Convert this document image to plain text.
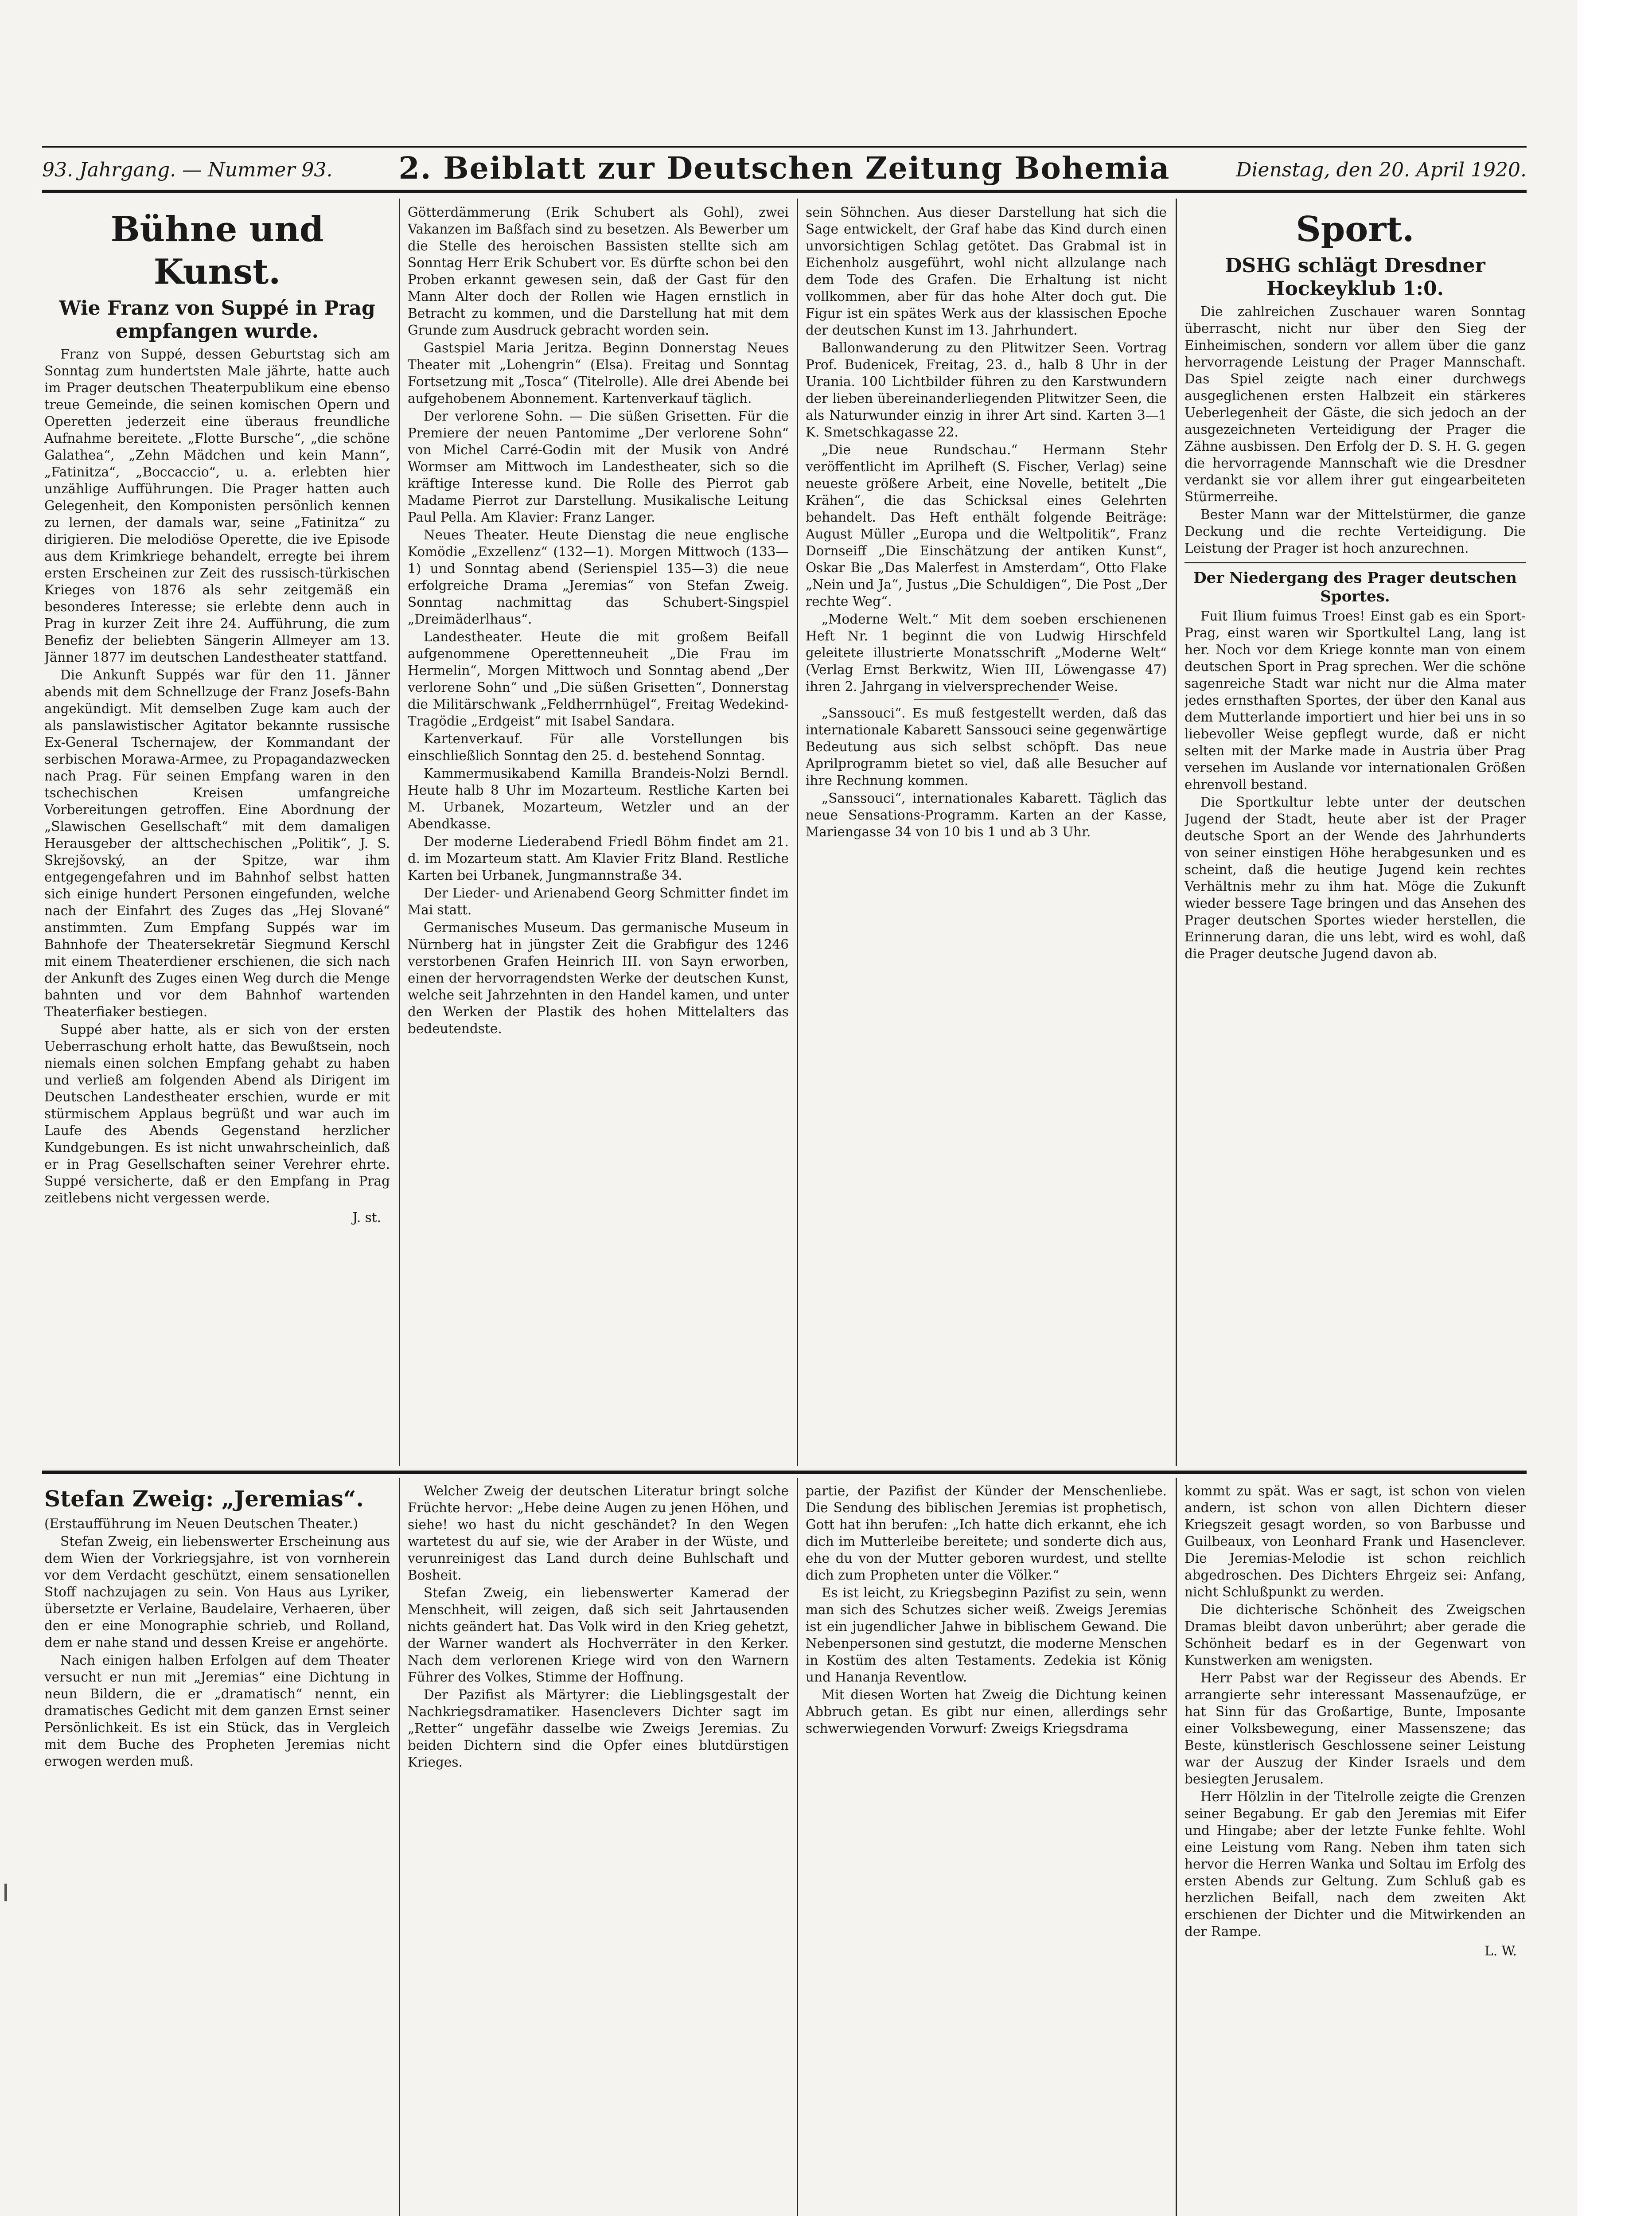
93. Jahrgang. — Nummer 93.	2. Beiblatt zur Deutschen Zeitung Bohemia	Dienstag, den 20. April 1920.
Bühne und Kunst.
Wie Franz von Suppé in Prag empfangen wurde.

Franz von Suppé, dessen Geburtstag sich am Sonntag zum hundertsten Male jährte, hatte auch im Prager deutschen Theaterpublikum eine ebenso treue Gemeinde, die seinen komischen Opern und Operetten jederzeit eine überaus freundliche Aufnahme bereitete. „Flotte Bursche“, „die schöne Galathea“, „Zehn Mädchen und kein Mann“, „Fatinitza“, „Boccaccio“, u. a. erlebten hier unzählige Aufführungen. Die Prager hatten auch Gelegenheit, den Komponisten persönlich kennen zu lernen, der damals war, seine „Fatinitza“ zu dirigieren. Die melodiöse Operette, die ive Episode aus dem Krimkriege behandelt, erregte bei ihrem ersten Erscheinen zur Zeit des russisch-türkischen Krieges von 1876 als sehr zeitgemäß ein besonderes Interesse; sie erlebte denn auch in Prag in kurzer Zeit ihre 24. Aufführung, die zum Benefiz der beliebten Sängerin Allmeyer am 13. Jänner 1877 im deutschen Landestheater stattfand.

Die Ankunft Suppés war für den 11. Jänner abends mit dem Schnellzuge der Franz Josefs-Bahn angekündigt. Mit demselben Zuge kam auch der als panslawistischer Agitator bekannte russische Ex-General Tschernajew, der Kommandant der serbischen Morawa-Armee, zu Propagandazwecken nach Prag. Für seinen Empfang waren in den tschechischen Kreisen umfangreiche Vorbereitungen getroffen. Eine Abordnung der „Slawischen Gesellschaft“ mit dem damaligen Herausgeber der alttschechischen „Politik“, J. S. Skrejšovský, an der Spitze, war ihm entgegengefahren und im Bahnhof selbst hatten sich einige hundert Personen eingefunden, welche nach der Einfahrt des Zuges das „Hej Slované“ anstimmten. Zum Empfang Suppés war im Bahnhofe der Theatersekretär Siegmund Kerschl mit einem Theaterdiener erschienen, die sich nach der Ankunft des Zuges einen Weg durch die Menge bahnten und vor dem Bahnhof wartenden Theaterfiaker bestiegen.

Suppé aber hatte, als er sich von der ersten Ueberraschung erholt hatte, das Bewußtsein, noch niemals einen solchen Empfang gehabt zu haben und verließ am folgenden Abend als Dirigent im Deutschen Landestheater erschien, wurde er mit stürmischem Applaus begrüßt und war auch im Laufe des Abends Gegenstand herzlicher Kundgebungen. Es ist nicht unwahrscheinlich, daß er in Prag Gesellschaften seiner Verehrer ehrte. Suppé versicherte, daß er den Empfang in Prag zeitlebens nicht vergessen werde.

J. st.

Götterdämmerung (Erik Schubert als Gohl), zwei Vakanzen im Baßfach sind zu besetzen. Als Bewerber um die Stelle des heroischen Bassisten stellte sich am Sonntag Herr Erik Schubert vor. Es dürfte schon bei den Proben erkannt gewesen sein, daß der Gast für den Mann Alter doch der Rollen wie Hagen ernstlich in Betracht zu kommen, und die Darstellung hat mit dem Grunde zum Ausdruck gebracht worden sein.

Gastspiel Maria Jeritza. Beginn Donnerstag Neues Theater mit „Lohengrin“ (Elsa). Freitag und Sonntag Fortsetzung mit „Tosca“ (Titelrolle). Alle drei Abende bei aufgehobenem Abonnement. Kartenverkauf täglich.

Der verlorene Sohn. — Die süßen Grisetten. Für die Premiere der neuen Pantomime „Der verlorene Sohn“ von Michel Carré-Godin mit der Musik von André Wormser am Mittwoch im Landestheater, sich so die kräftige Interesse kund. Die Rolle des Pierrot gab Madame Pierrot zur Darstellung. Musikalische Leitung Paul Pella. Am Klavier: Franz Langer.

Neues Theater. Heute Dienstag die neue englische Komödie „Exzellenz“ (132—1). Morgen Mittwoch (133—1) und Sonntag abend (Serienspiel 135—3) die neue erfolgreiche Drama „Jeremias“ von Stefan Zweig. Sonntag nachmittag das Schubert-Singspiel „Dreimäderlhaus“.

Landestheater. Heute die mit großem Beifall aufgenommene Operettenneuheit „Die Frau im Hermelin“, Morgen Mittwoch und Sonntag abend „Der verlorene Sohn“ und „Die süßen Grisetten“, Donnerstag die Militärschwank „Feldherrnhügel“, Freitag Wedekind-Tragödie „Erdgeist“ mit Isabel Sandara.

Kartenverkauf. Für alle Vorstellungen bis einschließlich Sonntag den 25. d. bestehend Sonntag.

Kammermusikabend Kamilla Brandeis-Nolzi Berndl. Heute halb 8 Uhr im Mozarteum. Restliche Karten bei M. Urbanek, Mozarteum, Wetzler und an der Abendkasse.

Der moderne Liederabend Friedl Böhm findet am 21. d. im Mozarteum statt. Am Klavier Fritz Bland. Restliche Karten bei Urbanek, Jungmannstraße 34.

Der Lieder- und Arienabend Georg Schmitter findet im Mai statt.

Germanisches Museum. Das germanische Museum in Nürnberg hat in jüngster Zeit die Grabfigur des 1246 verstorbenen Grafen Heinrich III. von Sayn erworben, einen der hervorragendsten Werke der deutschen Kunst, welche seit Jahrzehnten in den Handel kamen, und unter den Werken der Plastik des hohen Mittelalters das bedeutendste.

sein Söhnchen. Aus dieser Darstellung hat sich die Sage entwickelt, der Graf habe das Kind durch einen unvorsichtigen Schlag getötet. Das Grabmal ist in Eichenholz ausgeführt, wohl nicht allzulange nach dem Tode des Grafen. Die Erhaltung ist nicht vollkommen, aber für das hohe Alter doch gut. Die Figur ist ein spätes Werk aus der klassischen Epoche der deutschen Kunst im 13. Jahrhundert.

Ballonwanderung zu den Plitwitzer Seen. Vortrag Prof. Budenicek, Freitag, 23. d., halb 8 Uhr in der Urania. 100 Lichtbilder führen zu den Karstwundern der lieben übereinanderliegenden Plitwitzer Seen, die als Naturwunder einzig in ihrer Art sind. Karten 3—1 K. Smetschkagasse 22.

„Die neue Rundschau.“ Hermann Stehr veröffentlicht im Aprilheft (S. Fischer, Verlag) seine neueste größere Arbeit, eine Novelle, betitelt „Die Krähen“, die das Schicksal eines Gelehrten behandelt. Das Heft enthält folgende Beiträge: August Müller „Europa und die Weltpolitik“, Franz Dornseiff „Die Einschätzung der antiken Kunst“, Oskar Bie „Das Malerfest in Amsterdam“, Otto Flake „Nein und Ja“, Justus „Die Schuldigen“, Die Post „Der rechte Weg“.

„Moderne Welt.“ Mit dem soeben erschienenen Heft Nr. 1 beginnt die von Ludwig Hirschfeld geleitete illustrierte Monatsschrift „Moderne Welt“ (Verlag Ernst Berkwitz, Wien III, Löwengasse 47) ihren 2. Jahrgang in vielversprechender Weise.

„Sanssouci“. Es muß festgestellt werden, daß das internationale Kabarett Sanssouci seine gegenwärtige Bedeutung aus sich selbst schöpft. Das neue Aprilprogramm bietet so viel, daß alle Besucher auf ihre Rechnung kommen.

„Sanssouci“, internationales Kabarett. Täglich das neue Sensations-Programm. Karten an der Kasse, Mariengasse 34 von 10 bis 1 und ab 3 Uhr.

Sport.
DSHG schlägt Dresdner Hockeyklub 1:0.

Die zahlreichen Zuschauer waren Sonntag überrascht, nicht nur über den Sieg der Einheimischen, sondern vor allem über die ganz hervorragende Leistung der Prager Mannschaft. Das Spiel zeigte nach einer durchwegs ausgeglichenen ersten Halbzeit ein stärkeres Ueberlegenheit der Gäste, die sich jedoch an der ausgezeichneten Verteidigung der Prager die Zähne ausbissen. Den Erfolg der D. S. H. G. gegen die hervorragende Mannschaft wie die Dresdner verdankt sie vor allem ihrer gut eingearbeiteten Stürmerreihe.

Bester Mann war der Mittelstürmer, die ganze Deckung und die rechte Verteidigung. Die Leistung der Prager ist hoch anzurechnen.

Der Niedergang des Prager deutschen Sportes.

Fuit Ilium fuimus Troes! Einst gab es ein Sport-Prag, einst waren wir Sportkultel Lang, lang ist her. Noch vor dem Kriege konnte man von einem deutschen Sport in Prag sprechen. Wer die schöne sagenreiche Stadt war nicht nur die Alma mater jedes ernsthaften Sportes, der über den Kanal aus dem Mutterlande importiert und hier bei uns in so liebevoller Weise gepflegt wurde, daß er nicht selten mit der Marke made in Austria über Prag versehen im Auslande vor internationalen Größen ehrenvoll bestand.

Die Sportkultur lebte unter der deutschen Jugend der Stadt, heute aber ist der Prager deutsche Sport an der Wende des Jahrhunderts von seiner einstigen Höhe herabgesunken und es scheint, daß die heutige Jugend kein rechtes Verhältnis mehr zu ihm hat. Möge die Zukunft wieder bessere Tage bringen und das Ansehen des Prager deutschen Sportes wieder herstellen, die Erinnerung daran, die uns lebt, wird es wohl, daß die Prager deutsche Jugend davon ab.

Stefan Zweig: „Jeremias“.

(Erstaufführung im Neuen Deutschen Theater.)

Stefan Zweig, ein liebenswerter Erscheinung aus dem Wien der Vorkriegsjahre, ist von vornherein vor dem Verdacht geschützt, einem sensationellen Stoff nachzujagen zu sein. Von Haus aus Lyriker, übersetzte er Verlaine, Baudelaire, Verhaeren, über den er eine Monographie schrieb, und Rolland, dem er nahe stand und dessen Kreise er angehörte.

Nach einigen halben Erfolgen auf dem Theater versucht er nun mit „Jeremias“ eine Dichtung in neun Bildern, die er „dramatisch“ nennt, ein dramatisches Gedicht mit dem ganzen Ernst seiner Persönlichkeit. Es ist ein Stück, das in Vergleich mit dem Buche des Propheten Jeremias nicht erwogen werden muß.

Welcher Zweig der deutschen Literatur bringt solche Früchte hervor: „Hebe deine Augen zu jenen Höhen, und siehe! wo hast du nicht geschändet? In den Wegen wartetest du auf sie, wie der Araber in der Wüste, und verunreinigest das Land durch deine Buhlschaft und Bosheit.

Stefan Zweig, ein liebenswerter Kamerad der Menschheit, will zeigen, daß sich seit Jahrtausenden nichts geändert hat. Das Volk wird in den Krieg gehetzt, der Warner wandert als Hochverräter in den Kerker. Nach dem verlorenen Kriege wird von den Warnern Führer des Volkes, Stimme der Hoffnung.

Der Pazifist als Märtyrer: die Lieblingsgestalt der Nachkriegsdramatiker. Hasenclevers Dichter sagt im „Retter“ ungefähr dasselbe wie Zweigs Jeremias. Zu beiden Dichtern sind die Opfer eines blutdürstigen Krieges.

partie, der Pazifist der Künder der Menschenliebe. Die Sendung des biblischen Jeremias ist prophetisch, Gott hat ihn berufen: „Ich hatte dich erkannt, ehe ich dich im Mutterleibe bereitete; und sonderte dich aus, ehe du von der Mutter geboren wurdest, und stellte dich zum Propheten unter die Völker.“

Es ist leicht, zu Kriegsbeginn Pazifist zu sein, wenn man sich des Schutzes sicher weiß. Zweigs Jeremias ist ein jugendlicher Jahwe in biblischem Gewand. Die Nebenpersonen sind gestutzt, die moderne Menschen in Kostüm des alten Testaments. Zedekia ist König und Hananja Reventlow.

Mit diesen Worten hat Zweig die Dichtung keinen Abbruch getan. Es gibt nur einen, allerdings sehr schwerwiegenden Vorwurf: Zweigs Kriegsdrama

kommt zu spät. Was er sagt, ist schon von vielen andern, ist schon von allen Dichtern dieser Kriegszeit gesagt worden, so von Barbusse und Guilbeaux, von Leonhard Frank und Hasenclever. Die Jeremias-Melodie ist schon reichlich abgedroschen. Des Dichters Ehrgeiz sei: Anfang, nicht Schlußpunkt zu werden.

Die dichterische Schönheit des Zweigschen Dramas bleibt davon unberührt; aber gerade die Schönheit bedarf es in der Gegenwart von Kunstwerken am wenigsten.

Herr Pabst war der Regisseur des Abends. Er arrangierte sehr interessant Massenaufzüge, er hat Sinn für das Großartige, Bunte, Imposante einer Volksbewegung, einer Massenszene; das Beste, künstlerisch Geschlossene seiner Leistung war der Auszug der Kinder Israels und dem besiegten Jerusalem.

Herr Hölzlin in der Titelrolle zeigte die Grenzen seiner Begabung. Er gab den Jeremias mit Eifer und Hingabe; aber der letzte Funke fehlte. Wohl eine Leistung vom Rang. Neben ihm taten sich hervor die Herren Wanka und Soltau im Erfolg des ersten Abends zur Geltung. Zum Schluß gab es herzlichen Beifall, nach dem zweiten Akt erschienen der Dichter und die Mitwirkenden an der Rampe.

L. W.
